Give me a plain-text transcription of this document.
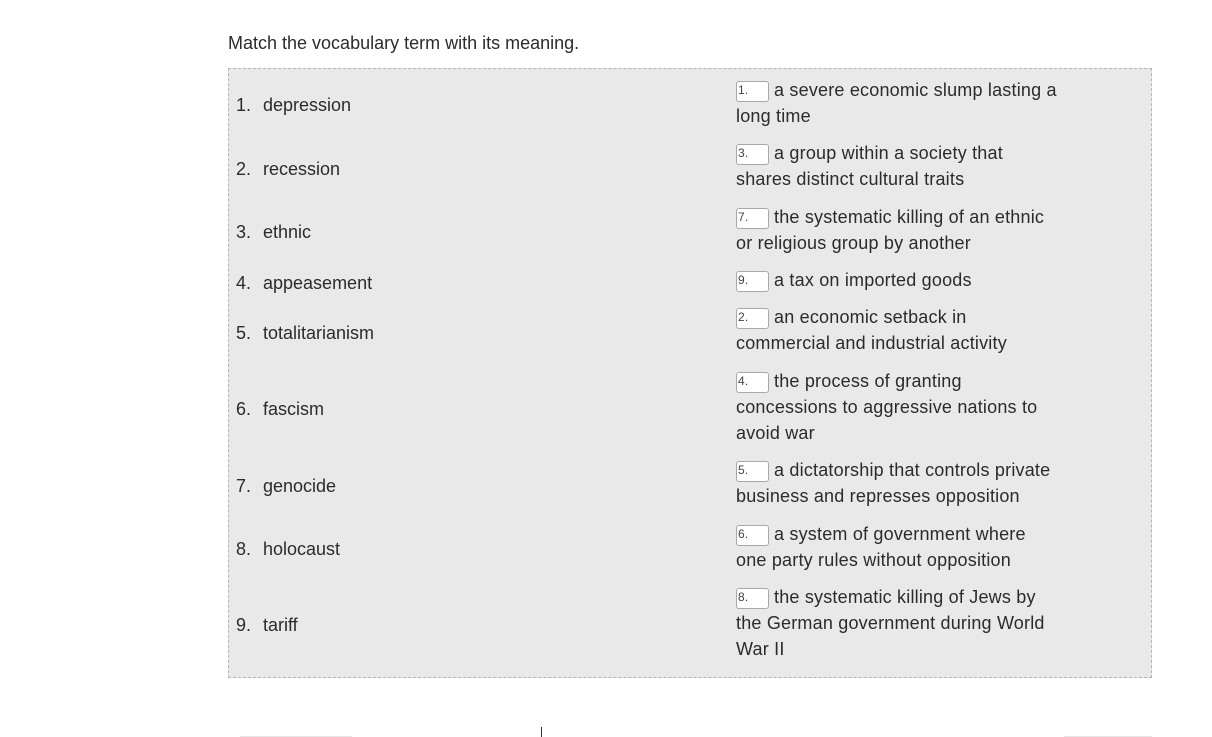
Match the vocabulary term with its meaning.

1. depression
2. recession
3. ethnic
4. appeasement
5. totalitarianism
6. fascism
7. genocide
8. holocaust
9. tariff
1. a severe economic slump lasting a long time
3. a group within a society that shares distinct cultural traits
7. the systematic killing of an ethnic or religious group by another
9. a tax on imported goods
2. an economic setback in commercial and industrial activity
4. the process of granting concessions to aggressive nations to avoid war
5. a dictatorship that controls private business and represses opposition
6. a system of government where one party rules without opposition
8. the systematic killing of Jews by the German government during World War II
